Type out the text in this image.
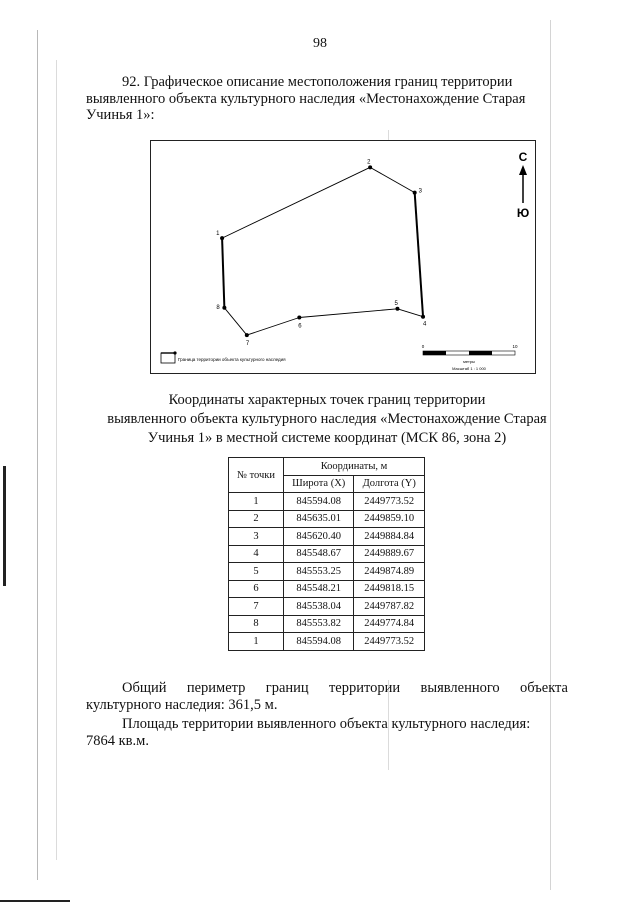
98
92. Графическое описание местоположения границ территории
выявленного объекта культурного наследия «Местонахождение Старая
Учинья 1»:
1
2
3
4
5
6
7
8
С
Ю
Граница территории объекта культурного наследия
0	10
метры
Масштаб 1 : 1 000
Координаты характерных точек границ территории
выявленного объекта культурного наследия «Местонахождение Старая
Учинья 1» в местной системе координат (МСК 86, зона 2)
№ точки	Координаты, м	
	Широта (X)	Долгота (Y)
1	845594.08	2449773.52
2	845635.01	2449859.10
3	845620.40	2449884.84
4	845548.67	2449889.67
5	845553.25	2449874.89
6	845548.21	2449818.15
7	845538.04	2449787.82
8	845553.82	2449774.84
1	845594.08	2449773.52
Общий периметр границ территории выявленного объекта
культурного наследия: 361,5 м.
Площадь территории выявленного объекта культурного наследия:
7864 кв.м.
